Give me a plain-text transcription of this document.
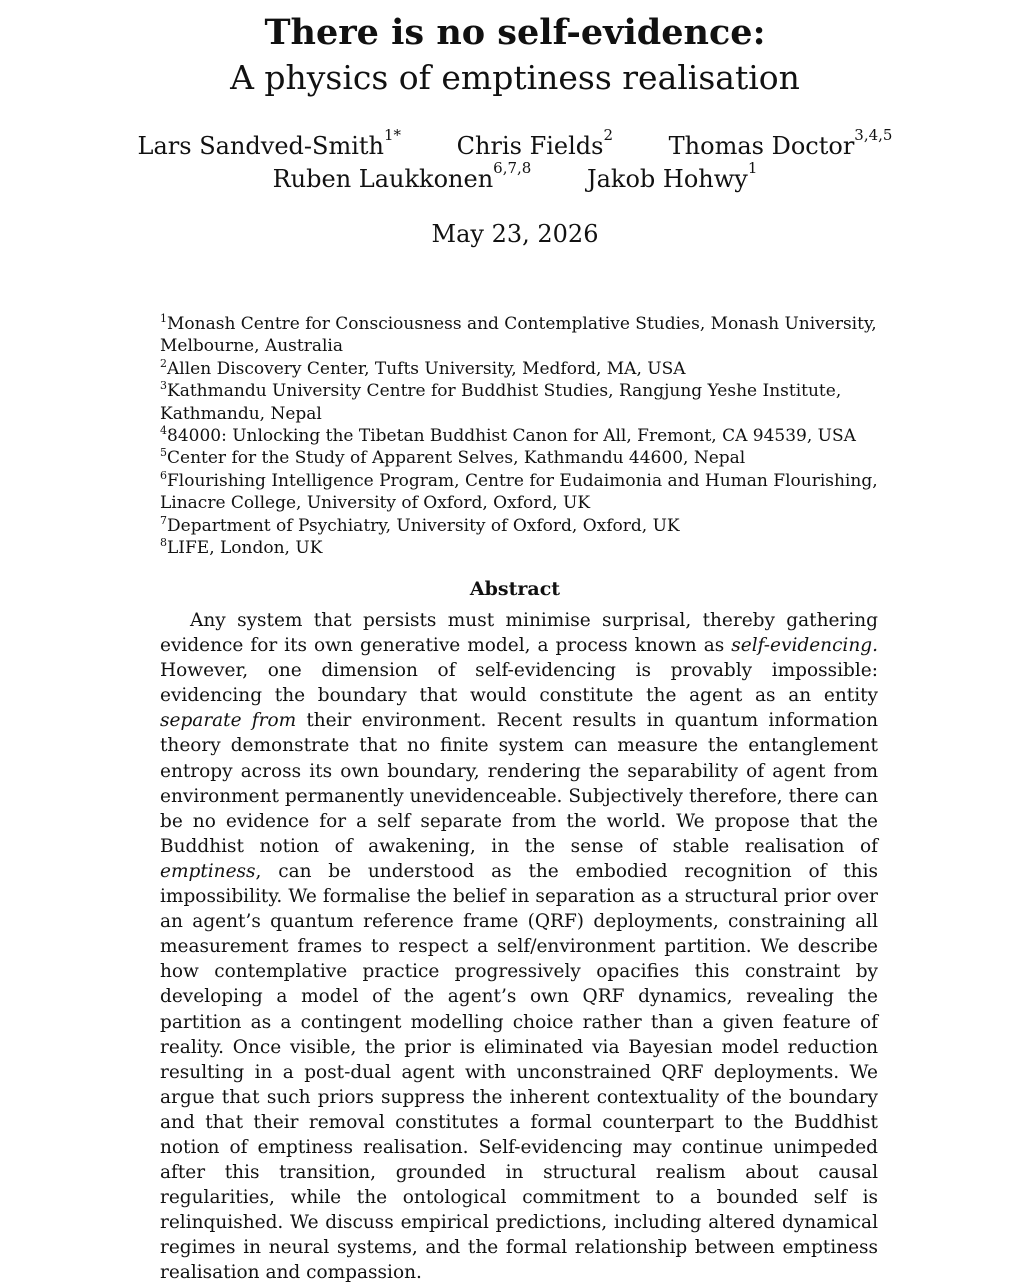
There is no self-evidence:
A physics of emptiness realisation
Lars Sandved-Smith$^{1*}$ Chris Fields$^2$ Thomas Doctor$^{3,4,5}$
Ruben Laukkonen$^{6,7,8}$ Jakob Hohwy$^1$
May 23, 2026
$^1$Monash Centre for Consciousness and Contemplative Studies, Monash University, Melbourne, Australia
$^2$Allen Discovery Center, Tufts University, Medford, MA, USA
$^3$Kathmandu University Centre for Buddhist Studies, Rangjung Yeshe Institute, Kathmandu, Nepal
$^4$84000: Unlocking the Tibetan Buddhist Canon for All, Fremont, CA 94539, USA
$^5$Center for the Study of Apparent Selves, Kathmandu 44600, Nepal
$^6$Flourishing Intelligence Program, Centre for Eudaimonia and Human Flourishing, Linacre College, University of Oxford, Oxford, UK
$^7$Department of Psychiatry, University of Oxford, Oxford, UK
$^8$LIFE, London, UK
Abstract

Any system that persists must minimise surprisal, thereby gathering evidence for its own generative model, a process known as self-evidencing. However, one dimension of self-evidencing is provably impossible: evidencing the boundary that would constitute the agent as an entity separate from their environment. Recent results in quantum information theory demonstrate that no finite system can measure the entanglement entropy across its own boundary, rendering the separability of agent from environment permanently unevidenceable. Subjectively therefore, there can be no evidence for a self separate from the world. We propose that the Buddhist notion of awakening, in the sense of stable realisation of emptiness, can be understood as the embodied recognition of this impossibility. We formalise the belief in separation as a structural prior over an agent’s quantum reference frame (QRF) deployments, constraining all measurement frames to respect a self/environment partition. We describe how contemplative practice progressively opacifies this constraint by developing a model of the agent’s own QRF dynamics, revealing the partition as a contingent modelling choice rather than a given feature of reality. Once visible, the prior is eliminated via Bayesian model reduction resulting in a post-dual agent with unconstrained QRF deployments. We argue that such priors suppress the inherent contextuality of the boundary and that their removal constitutes a formal counterpart to the Buddhist notion of emptiness realisation. Self-evidencing may continue unimpeded after this transition, grounded in structural realism about causal regularities, while the ontological commitment to a bounded self is relinquished. We discuss empirical predictions, including altered dynamical regimes in neural systems, and the formal relationship between emptiness realisation and compassion.
